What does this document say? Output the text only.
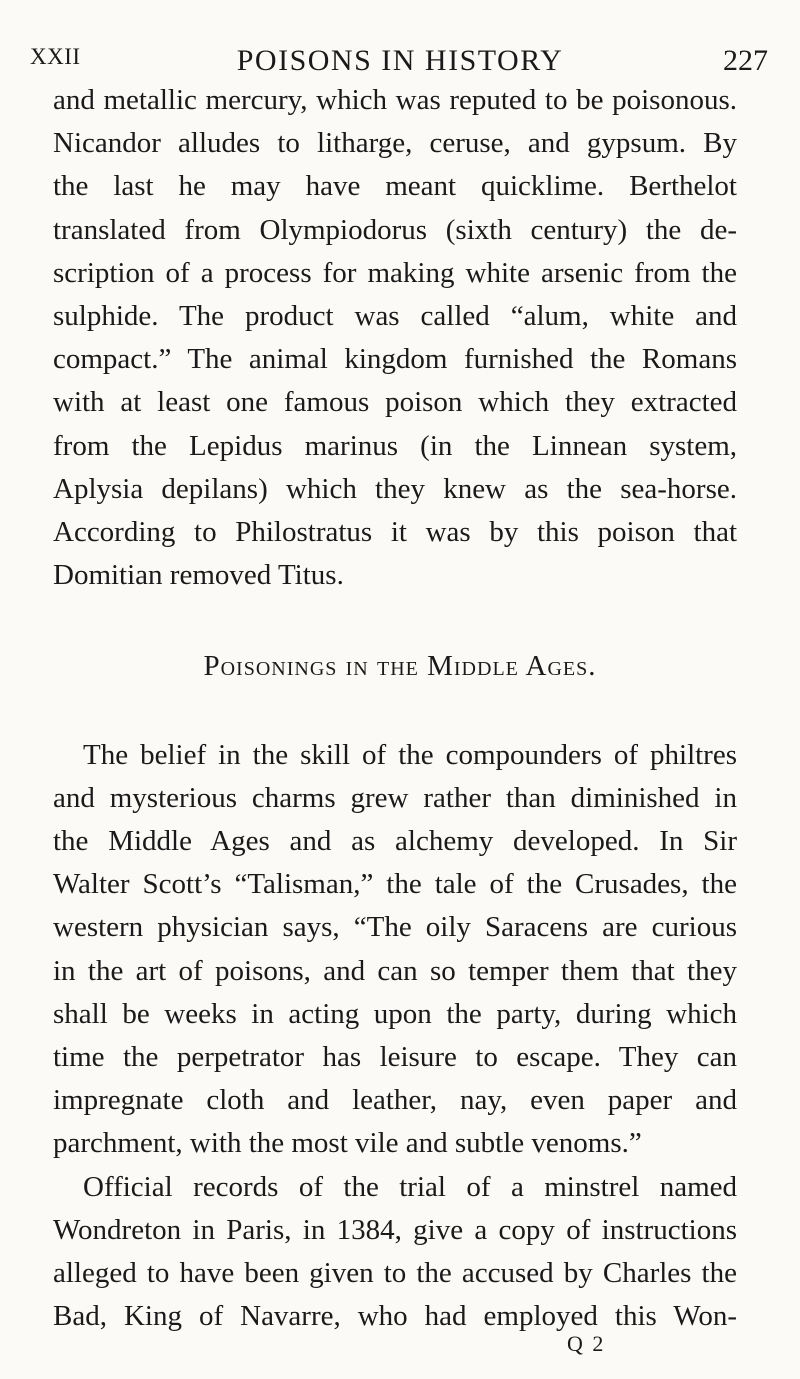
XXII	POISONS IN HISTORY	227
and metallic mercury, which was reputed to be poisonous.
Nicandor alludes to litharge, ceruse, and gypsum. By
the last he may have meant quicklime. Berthelot
translated from Olympiodorus (sixth century) the de-
scription of a process for making white arsenic from the
sulphide. The product was called “alum, white and
compact.” The animal kingdom furnished the Romans
with at least one famous poison which they extracted
from the Lepidus marinus (in the Linnean system,
Aplysia depilans) which they knew as the sea-horse.
According to Philostratus it was by this poison that
Domitian removed Titus.
Poisonings in the Middle Ages.
The belief in the skill of the compounders of philtres
and mysterious charms grew rather than diminished in
the Middle Ages and as alchemy developed. In Sir
Walter Scott’s “Talisman,” the tale of the Crusades, the
western physician says, “The oily Saracens are curious
in the art of poisons, and can so temper them that they
shall be weeks in acting upon the party, during which
time the perpetrator has leisure to escape. They can
impregnate cloth and leather, nay, even paper and
parchment, with the most vile and subtle venoms.”
Official records of the trial of a minstrel named
Wondreton in Paris, in 1384, give a copy of instructions
alleged to have been given to the accused by Charles the
Bad, King of Navarre, who had employed this Won-
Q 2
